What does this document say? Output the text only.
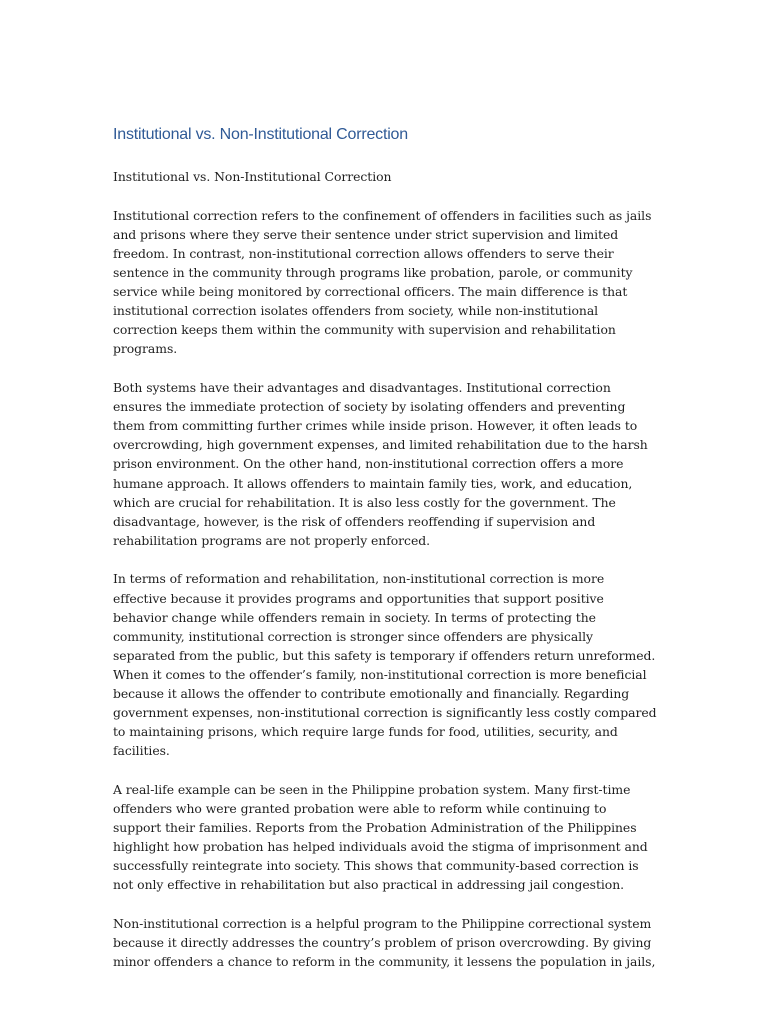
Institutional vs. Non-Institutional Correction

Institutional vs. Non-Institutional Correction

Institutional correction refers to the confinement of offenders in facilities such as jails and prisons where they serve their sentence under strict supervision and limited freedom. In contrast, non-institutional correction allows offenders to serve their sentence in the community through programs like probation, parole, or community service while being monitored by correctional officers. The main difference is that institutional correction isolates offenders from society, while non-institutional correction keeps them within the community with supervision and rehabilitation programs.

Both systems have their advantages and disadvantages. Institutional correction ensures the immediate protection of society by isolating offenders and preventing them from committing further crimes while inside prison. However, it often leads to overcrowding, high government expenses, and limited rehabilitation due to the harsh prison environment. On the other hand, non-institutional correction offers a more humane approach. It allows offenders to maintain family ties, work, and education, which are crucial for rehabilitation. It is also less costly for the government. The disadvantage, however, is the risk of offenders reoffending if supervision and rehabilitation programs are not properly enforced.

In terms of reformation and rehabilitation, non-institutional correction is more effective because it provides programs and opportunities that support positive behavior change while offenders remain in society. In terms of protecting the community, institutional correction is stronger since offenders are physically separated from the public, but this safety is temporary if offenders return unreformed. When it comes to the offender’s family, non-institutional correction is more beneficial because it allows the offender to contribute emotionally and financially. Regarding government expenses, non-institutional correction is significantly less costly compared to maintaining prisons, which require large funds for food, utilities, security, and facilities.

A real-life example can be seen in the Philippine probation system. Many first-time offenders who were granted probation were able to reform while continuing to support their families. Reports from the Probation Administration of the Philippines highlight how probation has helped individuals avoid the stigma of imprisonment and successfully reintegrate into society. This shows that community-based correction is not only effective in rehabilitation but also practical in addressing jail congestion.

Non-institutional correction is a helpful program to the Philippine correctional system because it directly addresses the country’s problem of prison overcrowding. By giving minor offenders a chance to reform in the community, it lessens the population in jails,
